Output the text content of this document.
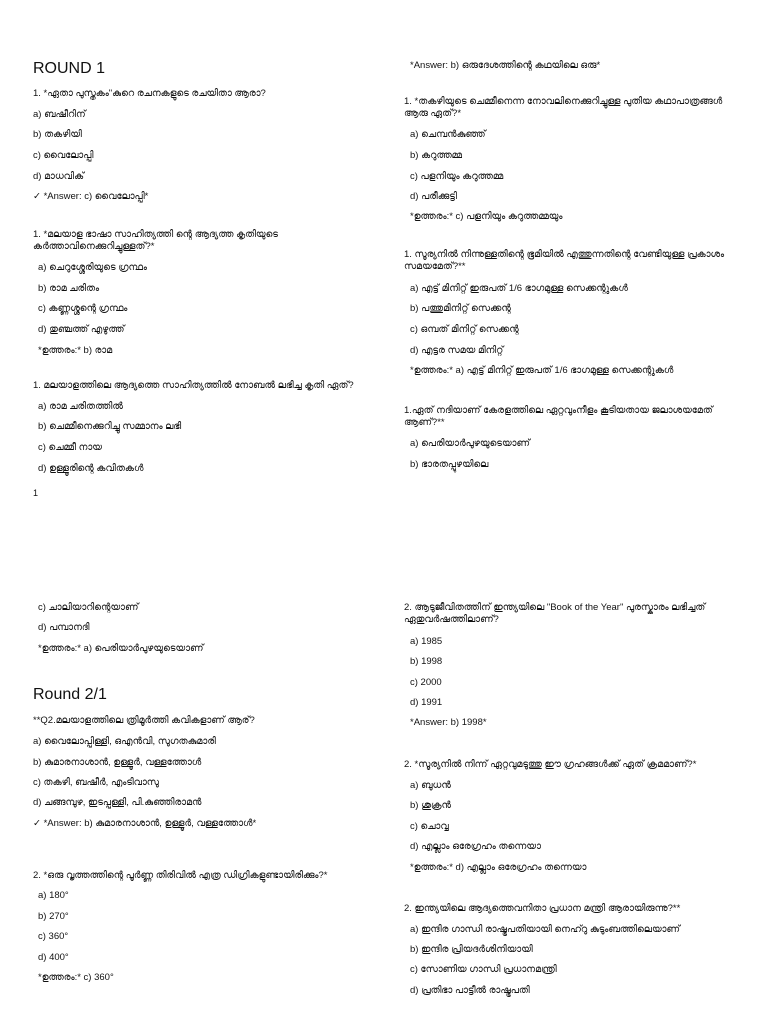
ROUND 1
1. *ഏതാ പുസ്തകം"കുറെ രചനകളുടെ രചയിതാ ആരാ?
a) ബഷീറിന്
b) തകഴിയി
c) വൈലോപ്പി
d) മാധവിക്
✓ *Answer: c) വൈലോപ്പി*
1. *മലയാള ഭാഷാ സാഹിത്യത്തി ന്റെ ആദ്യത്ത കൃതിയുടെ കർത്താവിനെക്കുറിച്ചുള്ളത്?*
a) ചെറുശ്ശേരിയുടെ ഗ്രന്ഥം
b) രാമ ചരിതം
c) കണ്ണശ്ശന്റെ ഗ്രന്ഥം
d) തുഞ്ചത്ത് എഴുത്ത്
*ഉത്തരം:* b) രാമ
1. മലയാളത്തിലെ ആദ്യത്തെ സാഹിത്യത്തിൽ നോബൽ ലഭിച്ച കൃതി ഏത്?
a) രാമ ചരിതത്തിൽ
b) ചെമ്മീനെക്കുറിച്ചു സമ്മാനം ലഭി
c) ചെമ്മീ നായ
d) ഉള്ളൂരിന്റെ കവിതകൾ
1
*Answer: b) ഒരുദേശത്തിന്റെ കഥയിലെ ഒരു*
1. *തകഴിയുടെ ചെമ്മീനെന്ന നോവലിനെക്കുറിച്ചുള്ള പുതിയ കഥാപാത്രങ്ങൾ ആരു ഏത്?*
a) ചെമ്പൻകുഞ്ഞ്
b) കറുത്തമ്മ
c) പളനിയും കറുത്തമ്മ
d) പരീക്കുട്ടി
*ഉത്തരം:* c) പളനിയും കറുത്തമ്മയും
1. സൂര്യനിൽ നിന്നുള്ളതിന്റെ ഭൂമിയിൽ എത്തുന്നതിന്റെ വേണ്ടിയുള്ള പ്രകാശം സമയമേത്?**
a) എട്ട് മിനിറ്റ് ഇരുപത് 1/6 ഭാഗമുള്ള സെക്കന്റുകൾ
b) പത്തുമിനിറ്റ് സെക്കന്റ
c) ഒമ്പത് മിനിറ്റ് സെക്കന്റ
d) എട്ടര സമയ മിനിറ്റ്
*ഉത്തരം:* a) എട്ട് മിനിറ്റ് ഇരുപത് 1/6 ഭാഗമുള്ള സെക്കന്റുകൾ
1.ഏത് നദിയാണ് കേരളത്തിലെ ഏറ്റവുംനീളം കൂടിയതായ ജലാശയമേത് ആണ്?**
a) പെരിയാർപുഴയുടെയാണ്
b) ഭാരതപ്പുഴയിലെ
c) ചാലിയാറിന്റെയാണ്
d) പമ്പാനദി
*ഉത്തരം:* a) പെരിയാർപുഴയുടെയാണ്
Round 2/1
**Q2.മലയാളത്തിലെ ത്രിമൂർത്തി കവികളാണ് ആര്?
a) വൈലോപ്പിള്ളി, ഒഎൻവി, സുഗതകുമാരി
b) കുമാരനാശാൻ, ഉള്ളൂർ, വള്ളത്തോൾ
c) തകഴി, ബഷീർ, എംടിവാസു
d) ചങ്ങമ്പുഴ, ഇടപ്പള്ളി, പി.കുഞ്ഞിരാമൻ
✓ *Answer: b) കുമാരനാശാൻ, ഉള്ളൂർ, വള്ളത്തോൾ*
2. *ഒരു വൃത്തത്തിന്റെ പൂർണ്ണ തിരിവിൽ എത്ര ഡിഗ്രികളുണ്ടായിരിക്കും?*
a) 180°
b) 270°
c) 360°
d) 400°
*ഉത്തരം:* c) 360°
2. ആടുജീവിതത്തിന് ഇന്ത്യയിലെ "Book of the Year" പുരസ്കാരം ലഭിച്ചത് ഏതുവർഷത്തിലാണ്?
a) 1985
b) 1998
c) 2000
d) 1991
*Answer: b) 1998*
2. *സൂര്യനിൽ നിന്ന് ഏറ്റവുമടുത്തു ഈ ഗ്രഹങ്ങൾക്ക് ഏത് ക്രമമാണ്?*
a) ബുധൻ
b) ശുക്രൻ
c) ചൊവ്വ
d) എല്ലാം ഒരേഗ്രഹം തന്നെയാ
*ഉത്തരം:* d) എല്ലാം ഒരേഗ്രഹം തന്നെയാ
2. ഇന്ത്യയിലെ ആദ്യത്തെവനിതാ പ്രധാന മന്ത്രി ആരായിരുന്നു?**
a) ഇന്ദിര ഗാന്ധി രാഷ്ട്രപതിയായി നെഹ്റു കുടുംബത്തിലെയാണ്
b) ഇന്ദിര പ്രിയദർശിനിയായി
c) സോണിയ ഗാന്ധി പ്രധാനമന്ത്രി
d) പ്രതിഭാ പാട്ടീൽ രാഷ്ട്രപതി
